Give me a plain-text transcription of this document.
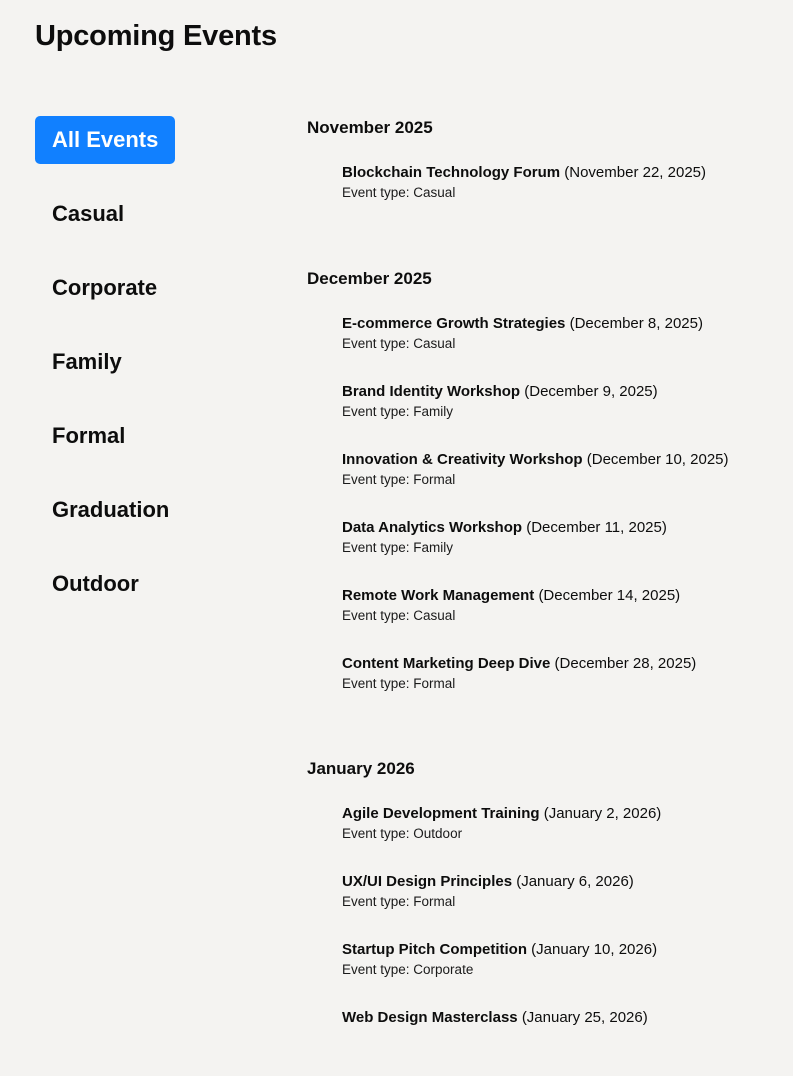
Upcoming Events
All Events
Casual
Corporate
Family
Formal
Graduation
Outdoor
November 2025
Blockchain Technology Forum (November 22, 2025)
Event type: Casual
December 2025
E-commerce Growth Strategies (December 8, 2025)
Event type: Casual
Brand Identity Workshop (December 9, 2025)
Event type: Family
Innovation & Creativity Workshop (December 10, 2025)
Event type: Formal
Data Analytics Workshop (December 11, 2025)
Event type: Family
Remote Work Management (December 14, 2025)
Event type: Casual
Content Marketing Deep Dive (December 28, 2025)
Event type: Formal
January 2026
Agile Development Training (January 2, 2026)
Event type: Outdoor
UX/UI Design Principles (January 6, 2026)
Event type: Formal
Startup Pitch Competition (January 10, 2026)
Event type: Corporate
Web Design Masterclass (January 25, 2026)
